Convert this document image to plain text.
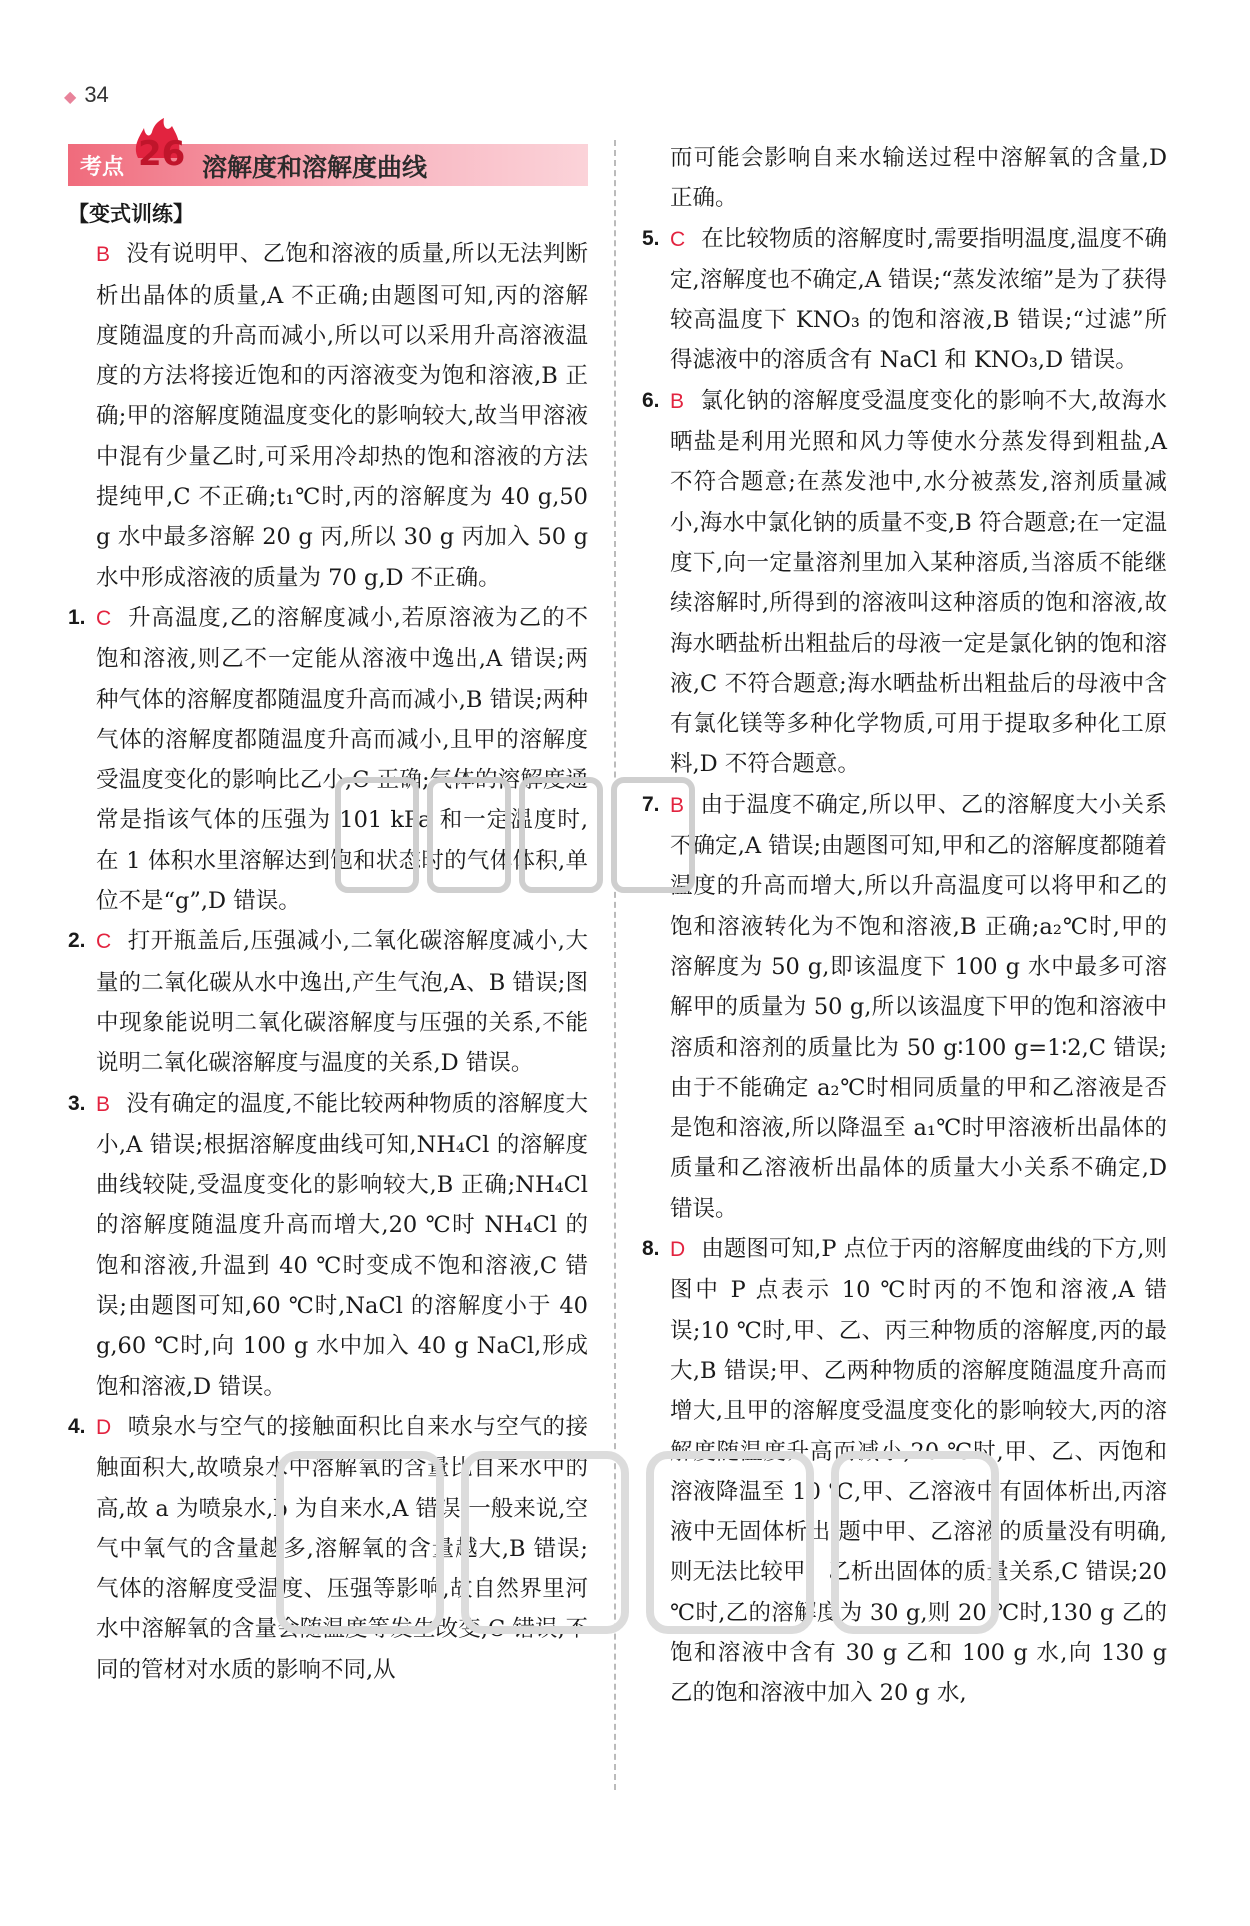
◆ 34
考点 26 溶解度和溶解度曲线
【变式训练】
B 没有说明甲、乙饱和溶液的质量,所以无法判断析出晶体的质量,A 不正确;由题图可知,丙的溶解度随温度的升高而减小,所以可以采用升高溶液温度的方法将接近饱和的丙溶液变为饱和溶液,B 正确;甲的溶解度随温度变化的影响较大,故当甲溶液中混有少量乙时,可采用冷却热的饱和溶液的方法提纯甲,C 不正确;t₁℃时,丙的溶解度为 40 g,50 g 水中最多溶解 20 g 丙,所以 30 g 丙加入 50 g 水中形成溶液的质量为 70 g,D 不正确。
1. C 升高温度,乙的溶解度减小,若原溶液为乙的不饱和溶液,则乙不一定能从溶液中逸出,A 错误;两种气体的溶解度都随温度升高而减小,B 错误;两种气体的溶解度都随温度升高而减小,且甲的溶解度受温度变化的影响比乙小,C 正确;气体的溶解度通常是指该气体的压强为 101 kPa 和一定温度时,在 1 体积水里溶解达到饱和状态时的气体体积,单位不是“g”,D 错误。
2. C 打开瓶盖后,压强减小,二氧化碳溶解度减小,大量的二氧化碳从水中逸出,产生气泡,A、B 错误;图中现象能说明二氧化碳溶解度与压强的关系,不能说明二氧化碳溶解度与温度的关系,D 错误。
3. B 没有确定的温度,不能比较两种物质的溶解度大小,A 错误;根据溶解度曲线可知,NH₄Cl 的溶解度曲线较陡,受温度变化的影响较大,B 正确;NH₄Cl 的溶解度随温度升高而增大,20 ℃时 NH₄Cl 的饱和溶液,升温到 40 ℃时变成不饱和溶液,C 错误;由题图可知,60 ℃时,NaCl 的溶解度小于 40 g,60 ℃时,向 100 g 水中加入 40 g NaCl,形成饱和溶液,D 错误。
4. D 喷泉水与空气的接触面积比自来水与空气的接触面积大,故喷泉水中溶解氧的含量比自来水中的高,故 a 为喷泉水,b 为自来水,A 错误;一般来说,空气中氧气的含量越多,溶解氧的含量越大,B 错误;气体的溶解度受温度、压强等影响,故自然界里河水中溶解氧的含量会随温度等发生改变,C 错误;不同的管材对水质的影响不同,从
而可能会影响自来水输送过程中溶解氧的含量,D 正确。
5. C 在比较物质的溶解度时,需要指明温度,温度不确定,溶解度也不确定,A 错误;“蒸发浓缩”是为了获得较高温度下 KNO₃ 的饱和溶液,B 错误;“过滤”所得滤液中的溶质含有 NaCl 和 KNO₃,D 错误。
6. B 氯化钠的溶解度受温度变化的影响不大,故海水晒盐是利用光照和风力等使水分蒸发得到粗盐,A 不符合题意;在蒸发池中,水分被蒸发,溶剂质量减小,海水中氯化钠的质量不变,B 符合题意;在一定温度下,向一定量溶剂里加入某种溶质,当溶质不能继续溶解时,所得到的溶液叫这种溶质的饱和溶液,故海水晒盐析出粗盐后的母液一定是氯化钠的饱和溶液,C 不符合题意;海水晒盐析出粗盐后的母液中含有氯化镁等多种化学物质,可用于提取多种化工原料,D 不符合题意。
7. B 由于温度不确定,所以甲、乙的溶解度大小关系不确定,A 错误;由题图可知,甲和乙的溶解度都随着温度的升高而增大,所以升高温度可以将甲和乙的饱和溶液转化为不饱和溶液,B 正确;a₂℃时,甲的溶解度为 50 g,即该温度下 100 g 水中最多可溶解甲的质量为 50 g,所以该温度下甲的饱和溶液中溶质和溶剂的质量比为 50 g∶100 g=1∶2,C 错误;由于不能确定 a₂℃时相同质量的甲和乙溶液是否是饱和溶液,所以降温至 a₁℃时甲溶液析出晶体的质量和乙溶液析出晶体的质量大小关系不确定,D 错误。
8. D 由题图可知,P 点位于丙的溶解度曲线的下方,则图中 P 点表示 10 ℃时丙的不饱和溶液,A 错误;10 ℃时,甲、乙、丙三种物质的溶解度,丙的最大,B 错误;甲、乙两种物质的溶解度随温度升高而增大,且甲的溶解度受温度变化的影响较大,丙的溶解度随温度升高而减小,20 ℃时,甲、乙、丙饱和溶液降温至 10 ℃,甲、乙溶液中有固体析出,丙溶液中无固体析出,题中甲、乙溶液的质量没有明确,则无法比较甲、乙析出固体的质量关系,C 错误;20 ℃时,乙的溶解度为 30 g,则 20 ℃时,130 g 乙的饱和溶液中含有 30 g 乙和 100 g 水,向 130 g 乙的饱和溶液中加入 20 g 水,
